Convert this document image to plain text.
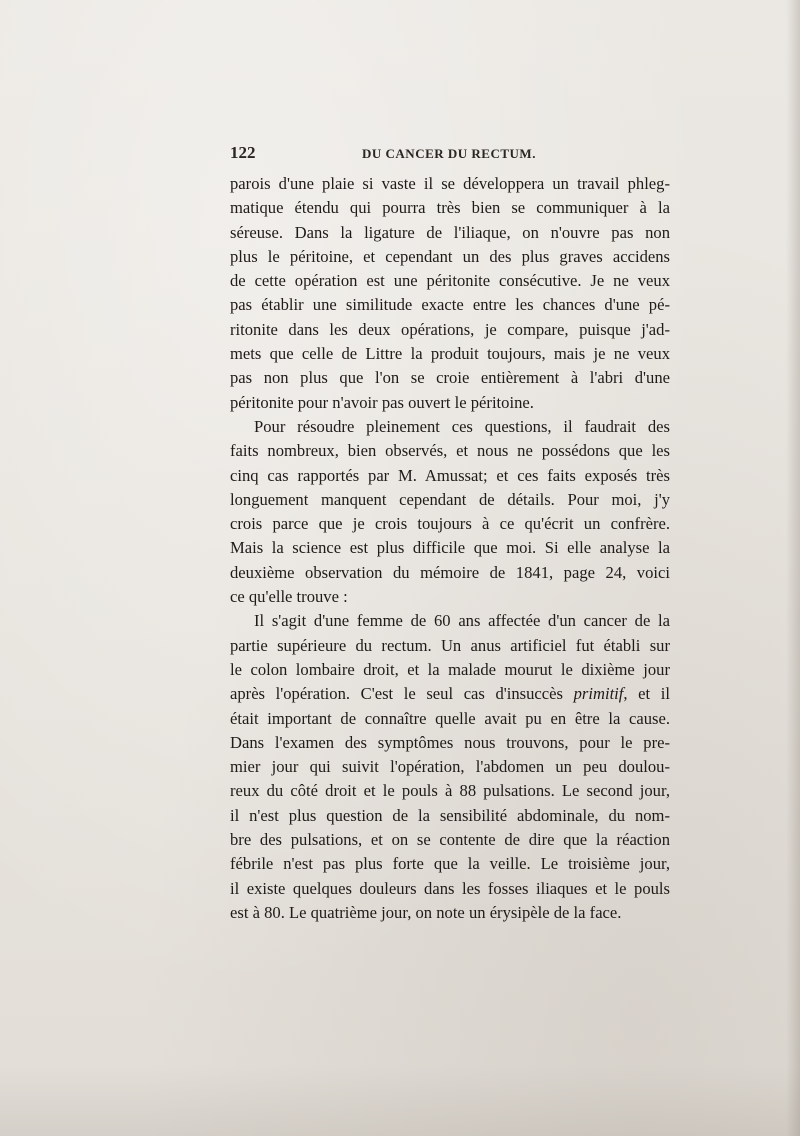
122	DU CANCER DU RECTUM.
parois d'une plaie si vaste il se développera un travail phleg-
matique étendu qui pourra très bien se communiquer à la
séreuse. Dans la ligature de l'iliaque, on n'ouvre pas non
plus le péritoine, et cependant un des plus graves accidens
de cette opération est une péritonite consécutive. Je ne veux
pas établir une similitude exacte entre les chances d'une pé-
ritonite dans les deux opérations, je compare, puisque j'ad-
mets que celle de Littre la produit toujours, mais je ne veux
pas non plus que l'on se croie entièrement à l'abri d'une
péritonite pour n'avoir pas ouvert le péritoine.
Pour résoudre pleinement ces questions, il faudrait des
faits nombreux, bien observés, et nous ne possédons que les
cinq cas rapportés par M. Amussat; et ces faits exposés très
longuement manquent cependant de détails. Pour moi, j'y
crois parce que je crois toujours à ce qu'écrit un confrère.
Mais la science est plus difficile que moi. Si elle analyse la
deuxième observation du mémoire de 1841, page 24, voici
ce qu'elle trouve :
Il s'agit d'une femme de 60 ans affectée d'un cancer de la
partie supérieure du rectum. Un anus artificiel fut établi sur
le colon lombaire droit, et la malade mourut le dixième jour
après l'opération. C'est le seul cas d'insuccès primitif, et il
était important de connaître quelle avait pu en être la cause.
Dans l'examen des symptômes nous trouvons, pour le pre-
mier jour qui suivit l'opération, l'abdomen un peu doulou-
reux du côté droit et le pouls à 88 pulsations. Le second jour,
il n'est plus question de la sensibilité abdominale, du nom-
bre des pulsations, et on se contente de dire que la réaction
fébrile n'est pas plus forte que la veille. Le troisième jour,
il existe quelques douleurs dans les fosses iliaques et le pouls
est à 80. Le quatrième jour, on note un érysipèle de la face.
